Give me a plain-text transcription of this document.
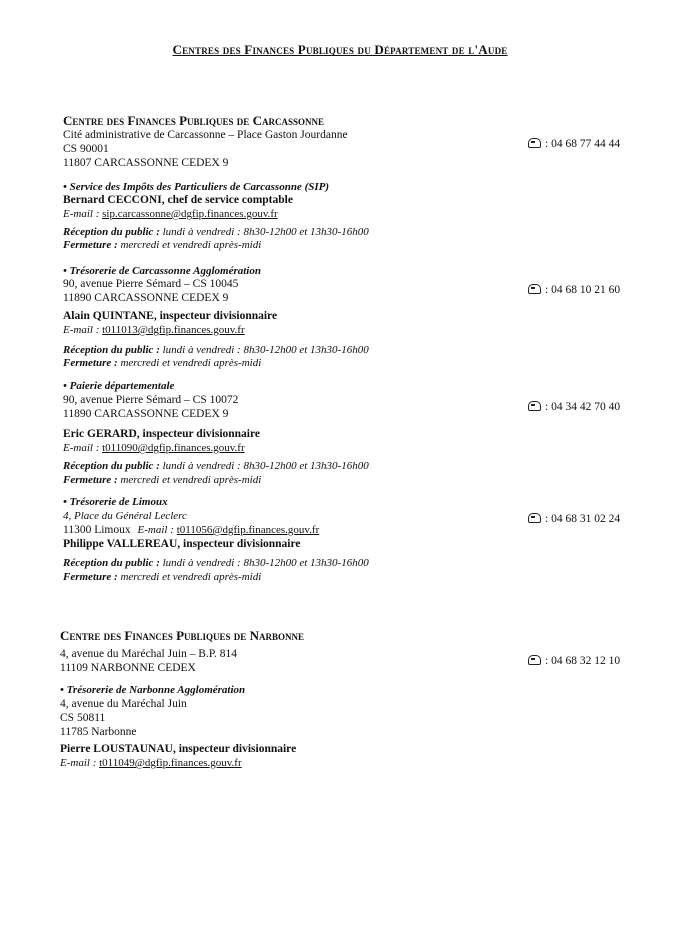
Centres des Finances Publiques du Département de l'Aude
Centre des Finances Publiques de Carcassonne
Cité administrative de Carcassonne – Place Gaston Jourdanne
CS 90001
11807 CARCASSONNE CEDEX 9
: 04 68 77 44 44
• Service des Impôts des Particuliers de Carcassonne (SIP)
Bernard CECCONI, chef de service comptable
E-mail : sip.carcassonne@dgfip.finances.gouv.fr
Réception du public : lundi à vendredi : 8h30-12h00 et 13h30-16h00
Fermeture : mercredi et vendredi après-midi
• Trésorerie de Carcassonne Agglomération
90, avenue Pierre Sémard – CS 10045
11890 CARCASSONNE CEDEX 9
: 04 68 10 21 60
Alain QUINTANE, inspecteur divisionnaire
E-mail : t011013@dgfip.finances.gouv.fr
Réception du public : lundi à vendredi : 8h30-12h00 et 13h30-16h00
Fermeture : mercredi et vendredi après-midi
• Paierie départementale
90, avenue Pierre Sémard – CS 10072
11890 CARCASSONNE CEDEX 9
: 04 34 42 70 40
Eric GERARD, inspecteur divisionnaire
E-mail : t011090@dgfip.finances.gouv.fr
Réception du public : lundi à vendredi : 8h30-12h00 et 13h30-16h00
Fermeture : mercredi et vendredi après-midi
• Trésorerie de Limoux
4, Place du Général Leclerc
11300 Limoux E-mail : t011056@dgfip.finances.gouv.fr
: 04 68 31 02 24
Philippe VALLEREAU, inspecteur divisionnaire
Réception du public : lundi à vendredi : 8h30-12h00 et 13h30-16h00
Fermeture : mercredi et vendredi après-midi
Centre des Finances Publiques de Narbonne
4, avenue du Maréchal Juin – B.P. 814
11109 NARBONNE CEDEX
: 04 68 32 12 10
• Trésorerie de Narbonne Agglomération
4, avenue du Maréchal Juin
CS 50811
11785 Narbonne
Pierre LOUSTAUNAU, inspecteur divisionnaire
E-mail : t011049@dgfip.finances.gouv.fr
